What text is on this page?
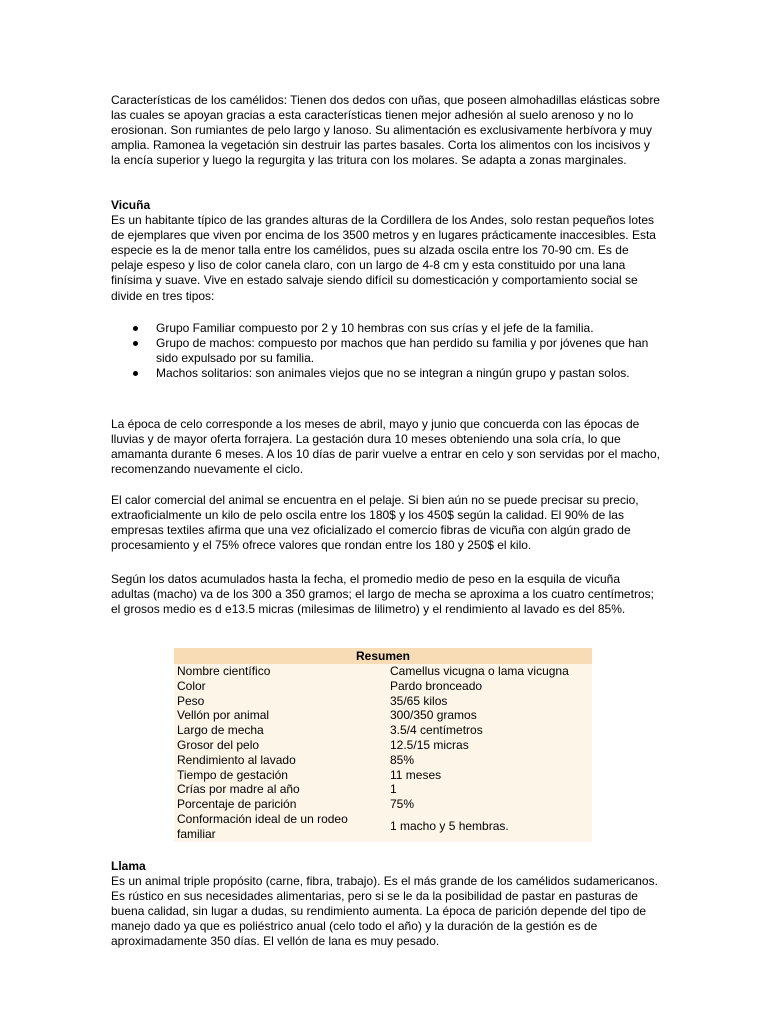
Características de los camélidos: Tienen dos dedos con uñas, que poseen almohadillas elásticas sobre las cuales se apoyan gracias a esta características tienen mejor adhesión al suelo arenoso y no lo erosionan. Son rumiantes de pelo largo y lanoso. Su alimentación es exclusivamente herbívora y muy amplia. Ramonea la vegetación sin destruir las partes basales. Corta los alimentos con los incisivos y la encía superior y luego la regurgita y las tritura con los molares. Se adapta a zonas marginales.

Vicuña
Es un habitante típico de las grandes alturas de la Cordillera de los Andes, solo restan pequeños lotes de ejemplares que viven por encima de los 3500 metros y en lugares prácticamente inaccesibles. Esta especie es la de menor talla entre los camélidos, pues su alzada oscila entre los 70-90 cm. Es de pelaje espeso y liso de color canela claro, con un largo de 4-8 cm y esta constituido por una lana finísima y suave. Vive en estado salvaje siendo difícil su domesticación y comportamiento social se divide en tres tipos:
Grupo Familiar compuesto por 2 y 10 hembras con sus crías y el jefe de la familia.
Grupo de machos: compuesto por machos que han perdido su familia y por jóvenes que han sido expulsado por su familia.
Machos solitarios: son animales viejos que no se integran a ningún grupo y pastan solos.

La época de celo corresponde a los meses de abril, mayo y junio que concuerda con las épocas de lluvias y de mayor oferta forrajera. La gestación dura 10 meses obteniendo una sola cría, lo que amamanta durante 6 meses. A los 10 días de parir vuelve a entrar en celo y son servidas por el macho, recomenzando nuevamente el ciclo.

El calor comercial del animal se encuentra en el pelaje. Si bien aún no se puede precisar su precio, extraoficialmente un kilo de pelo oscila entre los 180$ y los 450$ según la calidad. El 90% de las empresas textiles afirma que una vez oficializado el comercio fibras de vicuña con algún grado de procesamiento y el 75% ofrece valores que rondan entre los 180 y 250$ el kilo.

Según los datos acumulados hasta la fecha, el promedio medio de peso en la esquila de vicuña adultas (macho) va de los 300 a 350 gramos; el largo de mecha se aproxima a los cuatro centímetros; el grosos medio es d e13.5 micras (milesimas de lilimetro) y el rendimiento al lavado es del 85%.

Resumen	
Nombre científico	Camellus vicugna o lama vicugna
Color	Pardo bronceado
Peso	35/65 kilos
Vellón por animal	300/350 gramos
Largo de mecha	3.5/4 centímetros
Grosor del pelo	12.5/15 micras
Rendimiento al lavado	85%
Tiempo de gestación	11 meses
Crías por madre al año	1
Porcentaje de parición	75%
Conformación ideal de un rodeo familiar	1 macho y 5 hembras.
Llama
Es un animal triple propósito (carne, fibra, trabajo). Es el más grande de los camélidos sudamericanos. Es rústico en sus necesidades alimentarias, pero si se le da la posibilidad de pastar en pasturas de buena calidad, sin lugar a dudas, su rendimiento aumenta. La época de parición depende del tipo de manejo dado ya que es poliéstrico anual (celo todo el año) y la duración de la gestión es de aproximadamente 350 días. El vellón de lana es muy pesado.
